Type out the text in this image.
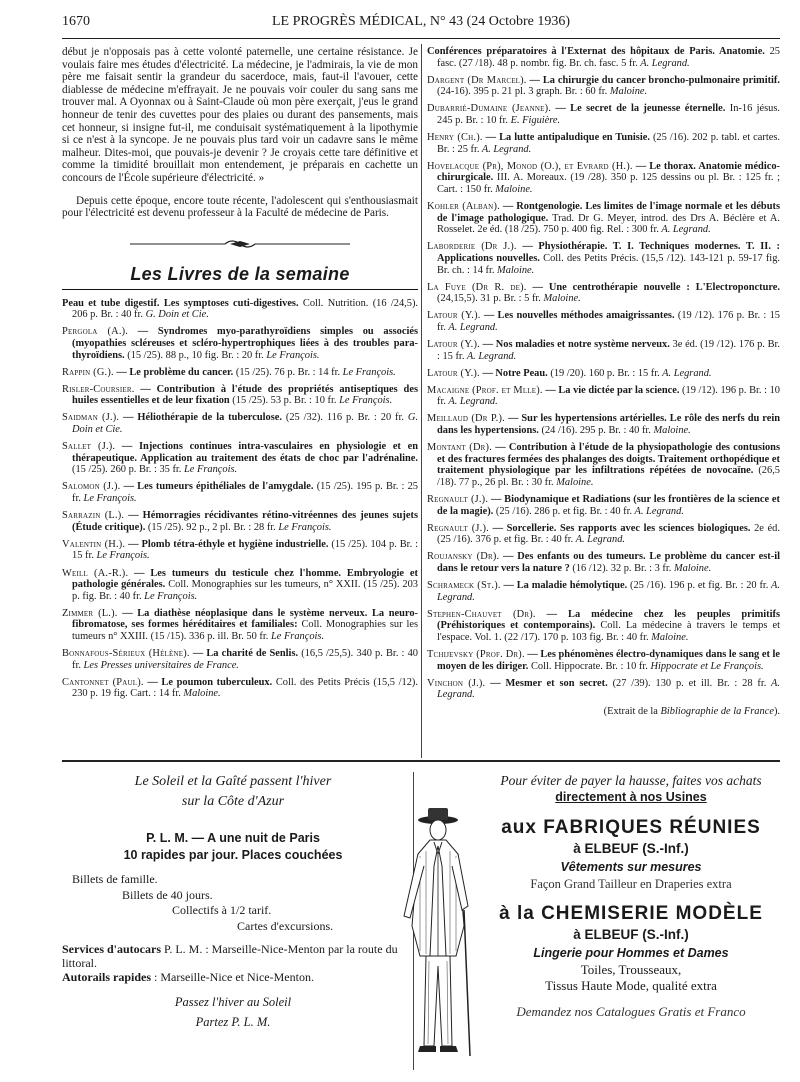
1670	LE PROGRÈS MÉDICAL, N° 43 (24 Octobre 1936)

début je n'opposais pas à cette volonté paternelle, une certaine résistance. Je voulais faire mes études d'électricité. La médecine, je l'admirais, la vie de mon père me faisait sentir la grandeur du sacerdoce, mais, faut-il l'avouer, cette diablesse de médecine m'effrayait. Je ne pouvais voir couler du sang sans me trouver mal. A Oyonnax ou à Saint-Claude où mon père exerçait, j'eus le grand honneur de tenir des cuvettes pour des plaies ou durant des pansements, mais cet honneur, si insigne fut-il, me conduisait systématiquement à la lipothymie si ce n'est à la syncope. Je ne pouvais plus tard voir un cadavre sans le même malheur. Dites-moi, que pouvais-je devenir ? Je croyais cette tare définitive et comme la timidité brouillait mon entendement, je préparais en cachette un concours de l'École supérieure d'électricité. »

Depuis cette époque, encore toute récente, l'adolescent qui s'enthousiasmait pour l'électricité est devenu professeur à la Faculté de médecine de Paris.

Les Livres de la semaine

Peau et tube digestif. Les symptoses cuti-digestives. Coll. Nutrition. (16 /24,5). 206 p. Br. : 40 fr. G. Doin et Cie.

Pergola (A.). — Syndromes myo-parathyroïdiens simples ou associés (myopathies scléreuses et scléro-hypertrophiques liées à des troubles para-thyroïdiens. (15 /25). 88 p., 10 fig. Br. : 20 fr. Le François.

Rappin (G.). — Le problème du cancer. (15 /25). 76 p. Br. : 14 fr. Le François.

Risler-Coursier. — Contribution à l'étude des propriétés antiseptiques des huiles essentielles et de leur fixation (15 /25). 53 p. Br. : 10 fr. Le François.

Saidman (J.). — Héliothérapie de la tuberculose. (25 /32). 116 p. Br. : 20 fr. G. Doin et Cie.

Sallet (J.). — Injections continues intra-vasculaires en physiologie et en thérapeutique. Application au traitement des états de choc par l'adrénaline. (15 /25). 260 p. Br. : 35 fr. Le François.

Salomon (J.). — Les tumeurs épithéliales de l'amygdale. (15 /25). 195 p. Br. : 25 fr. Le François.

Sarrazin (L.). — Hémorragies récidivantes rétino-vitréennes des jeunes sujets (Étude critique). (15 /25). 92 p., 2 pl. Br. : 28 fr. Le François.

Valentin (H.). — Plomb tétra-éthyle et hygiène industrielle. (15 /25). 104 p. Br. : 15 fr. Le François.

Weill (A.-R.). — Les tumeurs du testicule chez l'homme. Embryologie et pathologie générales. Coll. Monographies sur les tumeurs, n° XXII. (15 /25). 203 p. fig. Br. : 40 fr. Le François.

Zimmer (L.). — La diathèse néoplasique dans le système nerveux. La neuro-fibromatose, ses formes héréditaires et familiales: Coll. Monographies sur les tumeurs n° XXIII. (15 /15). 336 p. ill. Br. 50 fr. Le François.

Bonnafous-Sérieux (Hélène). — La charité de Senlis. (16,5 /25,5). 340 p. Br. : 40 fr. Les Presses universitaires de France.

Cantonnet (Paul). — Le poumon tuberculeux. Coll. des Petits Précis (15,5 /12). 230 p. 19 fig. Cart. : 14 fr. Maloine.

Conférences préparatoires à l'Externat des hôpitaux de Paris. Anatomie. 25 fasc. (27 /18). 48 p. nombr. fig. Br. ch. fasc. 5 fr. A. Legrand.

Dargent (Dr Marcel). — La chirurgie du cancer broncho-pulmonaire primitif. (24-16). 395 p. 21 pl. 3 graph. Br. : 60 fr. Maloine.

Dubarrié-Dumaine (Jeanne). — Le secret de la jeunesse éternelle. In-16 jésus. 245 p. Br. : 10 fr. E. Figuière.

Henry (Ch.). — La lutte antipaludique en Tunisie. (25 /16). 202 p. tabl. et cartes. Br. : 25 fr. A. Legrand.

Hovelacque (Pr), Monod (O.), et Evrard (H.). — Le thorax. Anatomie médico-chirurgicale. III. A. Moreaux. (19 /28). 350 p. 125 dessins ou pl. Br. : 125 fr. ; Cart. : 150 fr. Maloine.

Kohler (Alban). — Rontgenologie. Les limites de l'image normale et les débuts de l'image pathologique. Trad. Dr G. Meyer, introd. des Drs A. Béclère et A. Rosselet. 2e éd. (18 /25). 750 p. 400 fig. Rel. : 300 fr. A. Legrand.

Laborderie (Dr J.). — Physiothérapie. T. I. Techniques modernes. T. II. : Applications nouvelles. Coll. des Petits Précis. (15,5 /12). 143-121 p. 59-17 fig. Br. ch. : 14 fr. Maloine.

La Fuye (Dr R. de). — Une centrothérapie nouvelle : L'Electroponcture. (24,15,5). 31 p. Br. : 5 fr. Maloine.

Latour (Y.). — Les nouvelles méthodes amaigrissantes. (19 /12). 176 p. Br. : 15 fr. A. Legrand.

Latour (Y.). — Nos maladies et notre système nerveux. 3e éd. (19 /12). 176 p. Br. : 15 fr. A. Legrand.

Latour (Y.). — Notre Peau. (19 /20). 160 p. Br. : 15 fr. A. Legrand.

Macaigne (Prof. et Mlle). — La vie dictée par la science. (19 /12). 196 p. Br. : 10 fr. A. Legrand.

Meillaud (Dr P.). — Sur les hypertensions artérielles. Le rôle des nerfs du rein dans les hypertensions. (24 /16). 295 p. Br. : 40 fr. Maloine.

Montant (Dr). — Contribution à l'étude de la physiopathologie des contusions et des fractures fermées des phalanges des doigts. Traitement orthopédique et traitement physiologique par les infiltrations répétées de novocaïne. (26,5 /18). 77 p., 26 pl. Br. : 30 fr. Maloine.

Regnault (J.). — Biodynamique et Radiations (sur les frontières de la science et de la magie). (25 /16). 286 p. et fig. Br. : 40 fr. A. Legrand.

Regnault (J.). — Sorcellerie. Ses rapports avec les sciences biologiques. 2e éd. (25 /16). 376 p. et fig. Br. : 40 fr. A. Legrand.

Roujansky (Dr). — Des enfants ou des tumeurs. Le problème du cancer est-il dans le retour vers la nature ? (16 /12). 32 p. Br. : 3 fr. Maloine.

Schrameck (St.). — La maladie hémolytique. (25 /16). 196 p. et fig. Br. : 20 fr. A. Legrand.

Stephen-Chauvet (Dr). — La médecine chez les peuples primitifs (Préhistoriques et contemporains). Coll. La médecine à travers le temps et l'espace. Vol. 1. (22 /17). 170 p. 103 fig. Br. : 40 fr. Maloine.

Tchijevsky (Prof. Dr). — Les phénomènes électro-dynamiques dans le sang et le moyen de les diriger. Coll. Hippocrate. Br. : 10 fr. Hippocrate et Le François.

Vinchon (J.). — Mesmer et son secret. (27 /39). 130 p. et ill. Br. : 28 fr. A. Legrand.

(Extrait de la Bibliographie de la France).
Le Soleil et la Gaîté passent l'hiver
sur la Côte d'Azur
P. L. M. — A une nuit de Paris
10 rapides par jour. Places couchées
Billets de famille.
Billets de 40 jours.
Collectifs à 1/2 tarif.
Cartes d'excursions.
Services d'autocars P. L. M. : Marseille-Nice-Menton par la route du littoral.
Autorails rapides : Marseille-Nice et Nice-Menton.
Passez l'hiver au Soleil
Partez P. L. M.
Pour éviter de payer la hausse, faites vos achats
directement à nos Usines
aux FABRIQUES RÉUNIES
à ELBEUF (S.-Inf.)
Vêtements sur mesures
Façon Grand Tailleur en Draperies extra
à la CHEMISERIE MODÈLE
à ELBEUF (S.-Inf.)
Lingerie pour Hommes et Dames
Toiles, Trousseaux,
Tissus Haute Mode, qualité extra
Demandez nos Catalogues Gratis et Franco
